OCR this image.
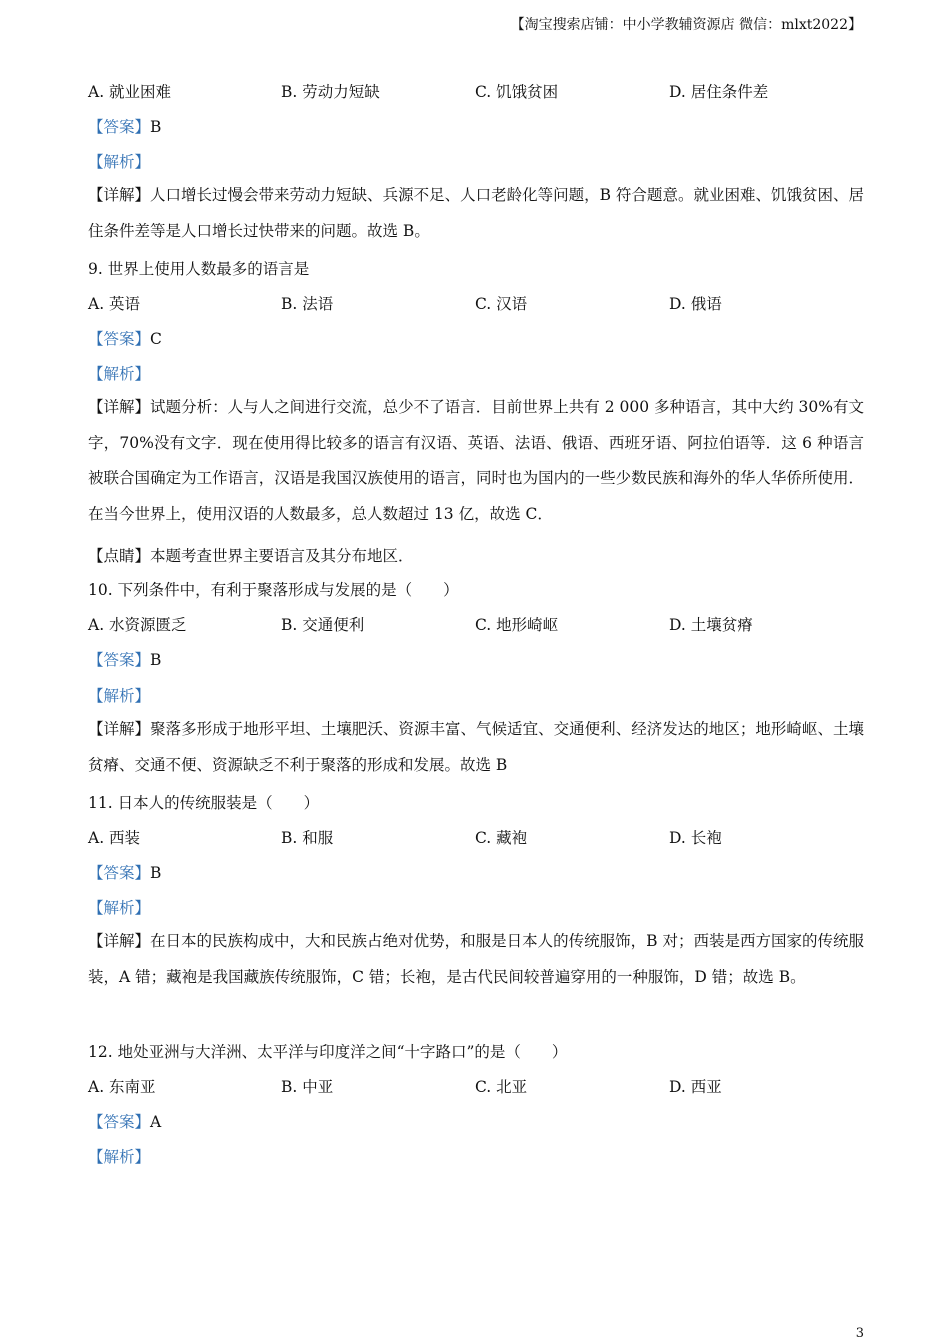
【淘宝搜索店铺：中小学教辅资源店 微信：mlxt2022】
A. 就业困难	B. 劳动力短缺	C. 饥饿贫困	D. 居住条件差
【答案】B
【解析】
【详解】人口增长过慢会带来劳动力短缺、兵源不足、人口老龄化等问题，B 符合题意。就业困难、饥饿贫困、居住条件差等是人口增长过快带来的问题。故选 B。
9. 世界上使用人数最多的语言是
A. 英语	B. 法语	C. 汉语	D. 俄语
【答案】C
【解析】
【详解】试题分析：人与人之间进行交流，总少不了语言．目前世界上共有 2 000 多种语言，其中大约 30%有文字，70%没有文字．现在使用得比较多的语言有汉语、英语、法语、俄语、西班牙语、阿拉伯语等．这 6 种语言被联合国确定为工作语言，汉语是我国汉族使用的语言，同时也为国内的一些少数民族和海外的华人华侨所使用．在当今世界上，使用汉语的人数最多，总人数超过 13 亿，故选 C．
【点睛】本题考查世界主要语言及其分布地区．
10. 下列条件中，有利于聚落形成与发展的是（　　）
A. 水资源匮乏	B. 交通便利	C. 地形崎岖	D. 土壤贫瘠
【答案】B
【解析】
【详解】聚落多形成于地形平坦、土壤肥沃、资源丰富、气候适宜、交通便利、经济发达的地区；地形崎岖、土壤贫瘠、交通不便、资源缺乏不利于聚落的形成和发展。故选 B
11. 日本人的传统服装是（　　）
A. 西装	B. 和服	C. 藏袍	D. 长袍
【答案】B
【解析】
【详解】在日本的民族构成中，大和民族占绝对优势，和服是日本人的传统服饰，B 对；西装是西方国家的传统服装，A 错；藏袍是我国藏族传统服饰，C 错；长袍，是古代民间较普遍穿用的一种服饰，D 错；故选 B。
12. 地处亚洲与大洋洲、太平洋与印度洋之间“十字路口”的是（　　）
A. 东南亚	B. 中亚	C. 北亚	D. 西亚
【答案】A
【解析】
3
